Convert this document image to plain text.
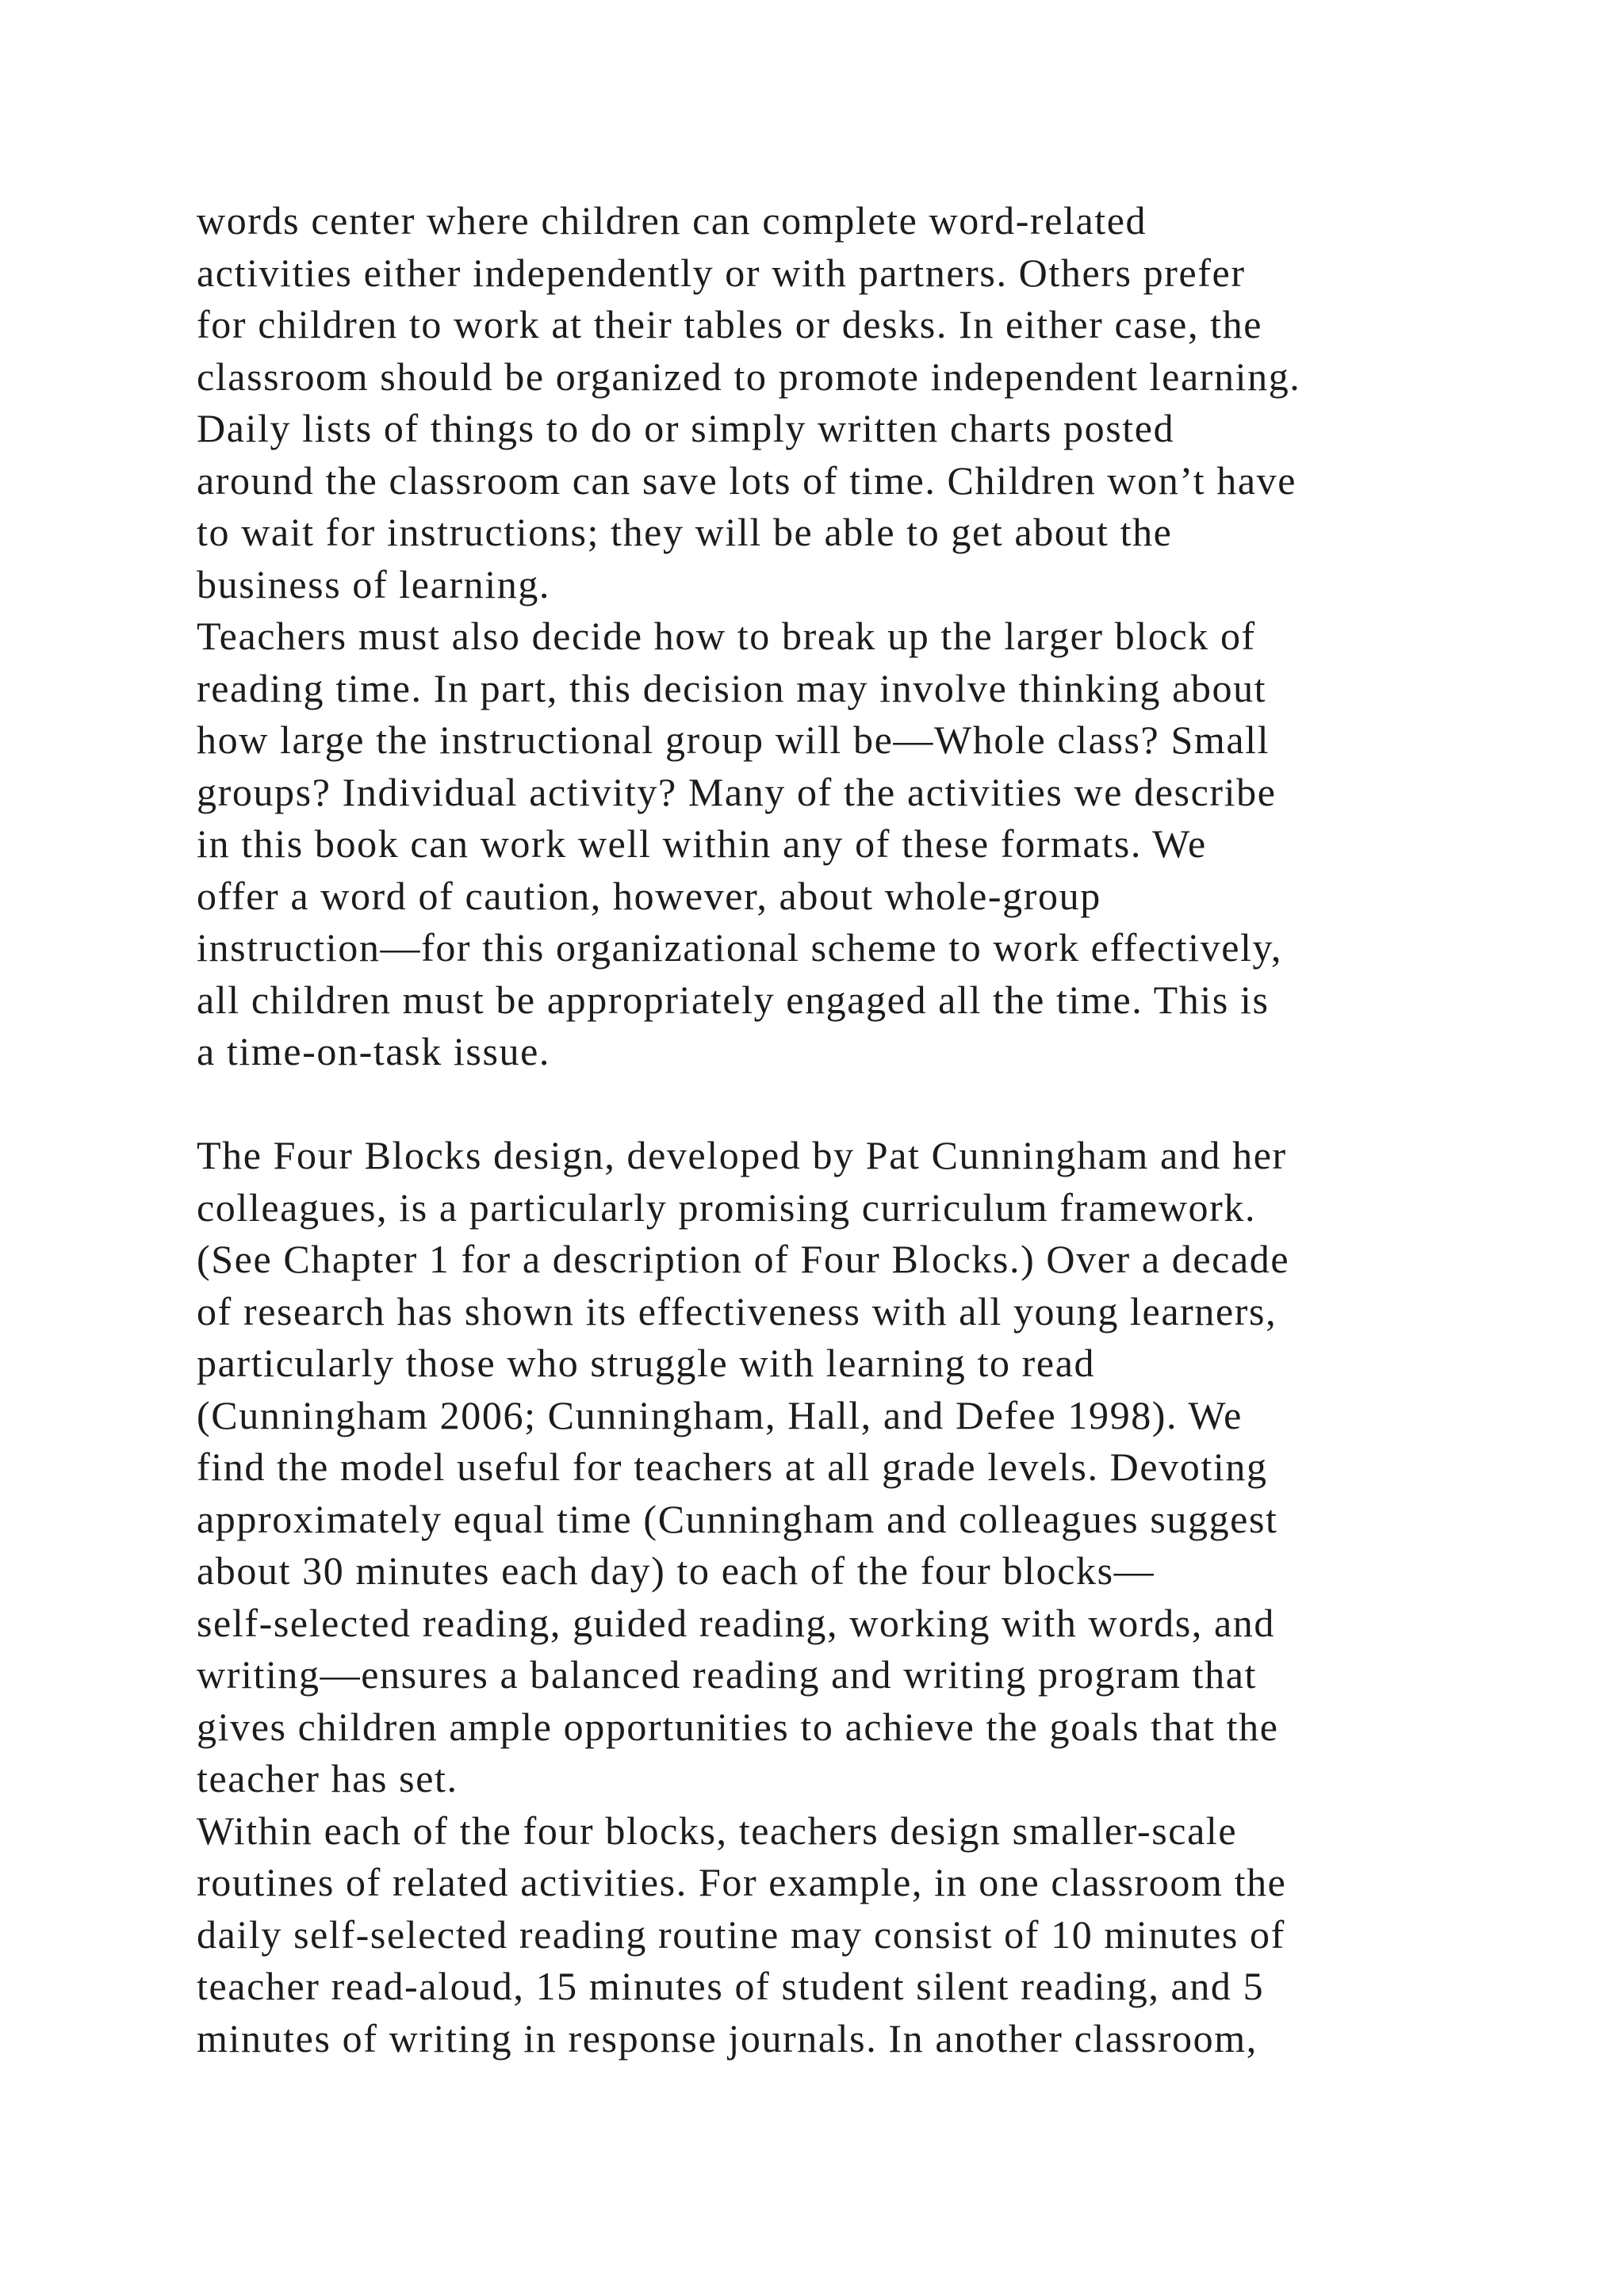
words center where children can complete word-related
activities either independently or with partners. Others prefer
for children to work at their tables or desks. In either case, the
classroom should be organized to promote independent learning.
Daily lists of things to do or simply written charts posted
around the classroom can save lots of time. Children won’t have
to wait for instructions; they will be able to get about the
business of learning.
Teachers must also decide how to break up the larger block of
reading time. In part, this decision may involve thinking about
how large the instructional group will be—Whole class? Small
groups? Individual activity? Many of the activities we describe
in this book can work well within any of these formats. We
offer a word of caution, however, about whole-group
instruction—for this organizational scheme to work effectively,
all children must be appropriately engaged all the time. This is
a time-on-task issue.
The Four Blocks design, developed by Pat Cunningham and her
colleagues, is a particularly promising curriculum framework.
(See Chapter 1 for a description of Four Blocks.) Over a decade
of research has shown its effectiveness with all young learners,
particularly those who struggle with learning to read
(Cunningham 2006; Cunningham, Hall, and Defee 1998). We
find the model useful for teachers at all grade levels. Devoting
approximately equal time (Cunningham and colleagues suggest
about 30 minutes each day) to each of the four blocks—
self-selected reading, guided reading, working with words, and
writing—ensures a balanced reading and writing program that
gives children ample opportunities to achieve the goals that the
teacher has set.
Within each of the four blocks, teachers design smaller-scale
routines of related activities. For example, in one classroom the
daily self-selected reading routine may consist of 10 minutes of
teacher read-aloud, 15 minutes of student silent reading, and 5
minutes of writing in response journals. In another classroom,
